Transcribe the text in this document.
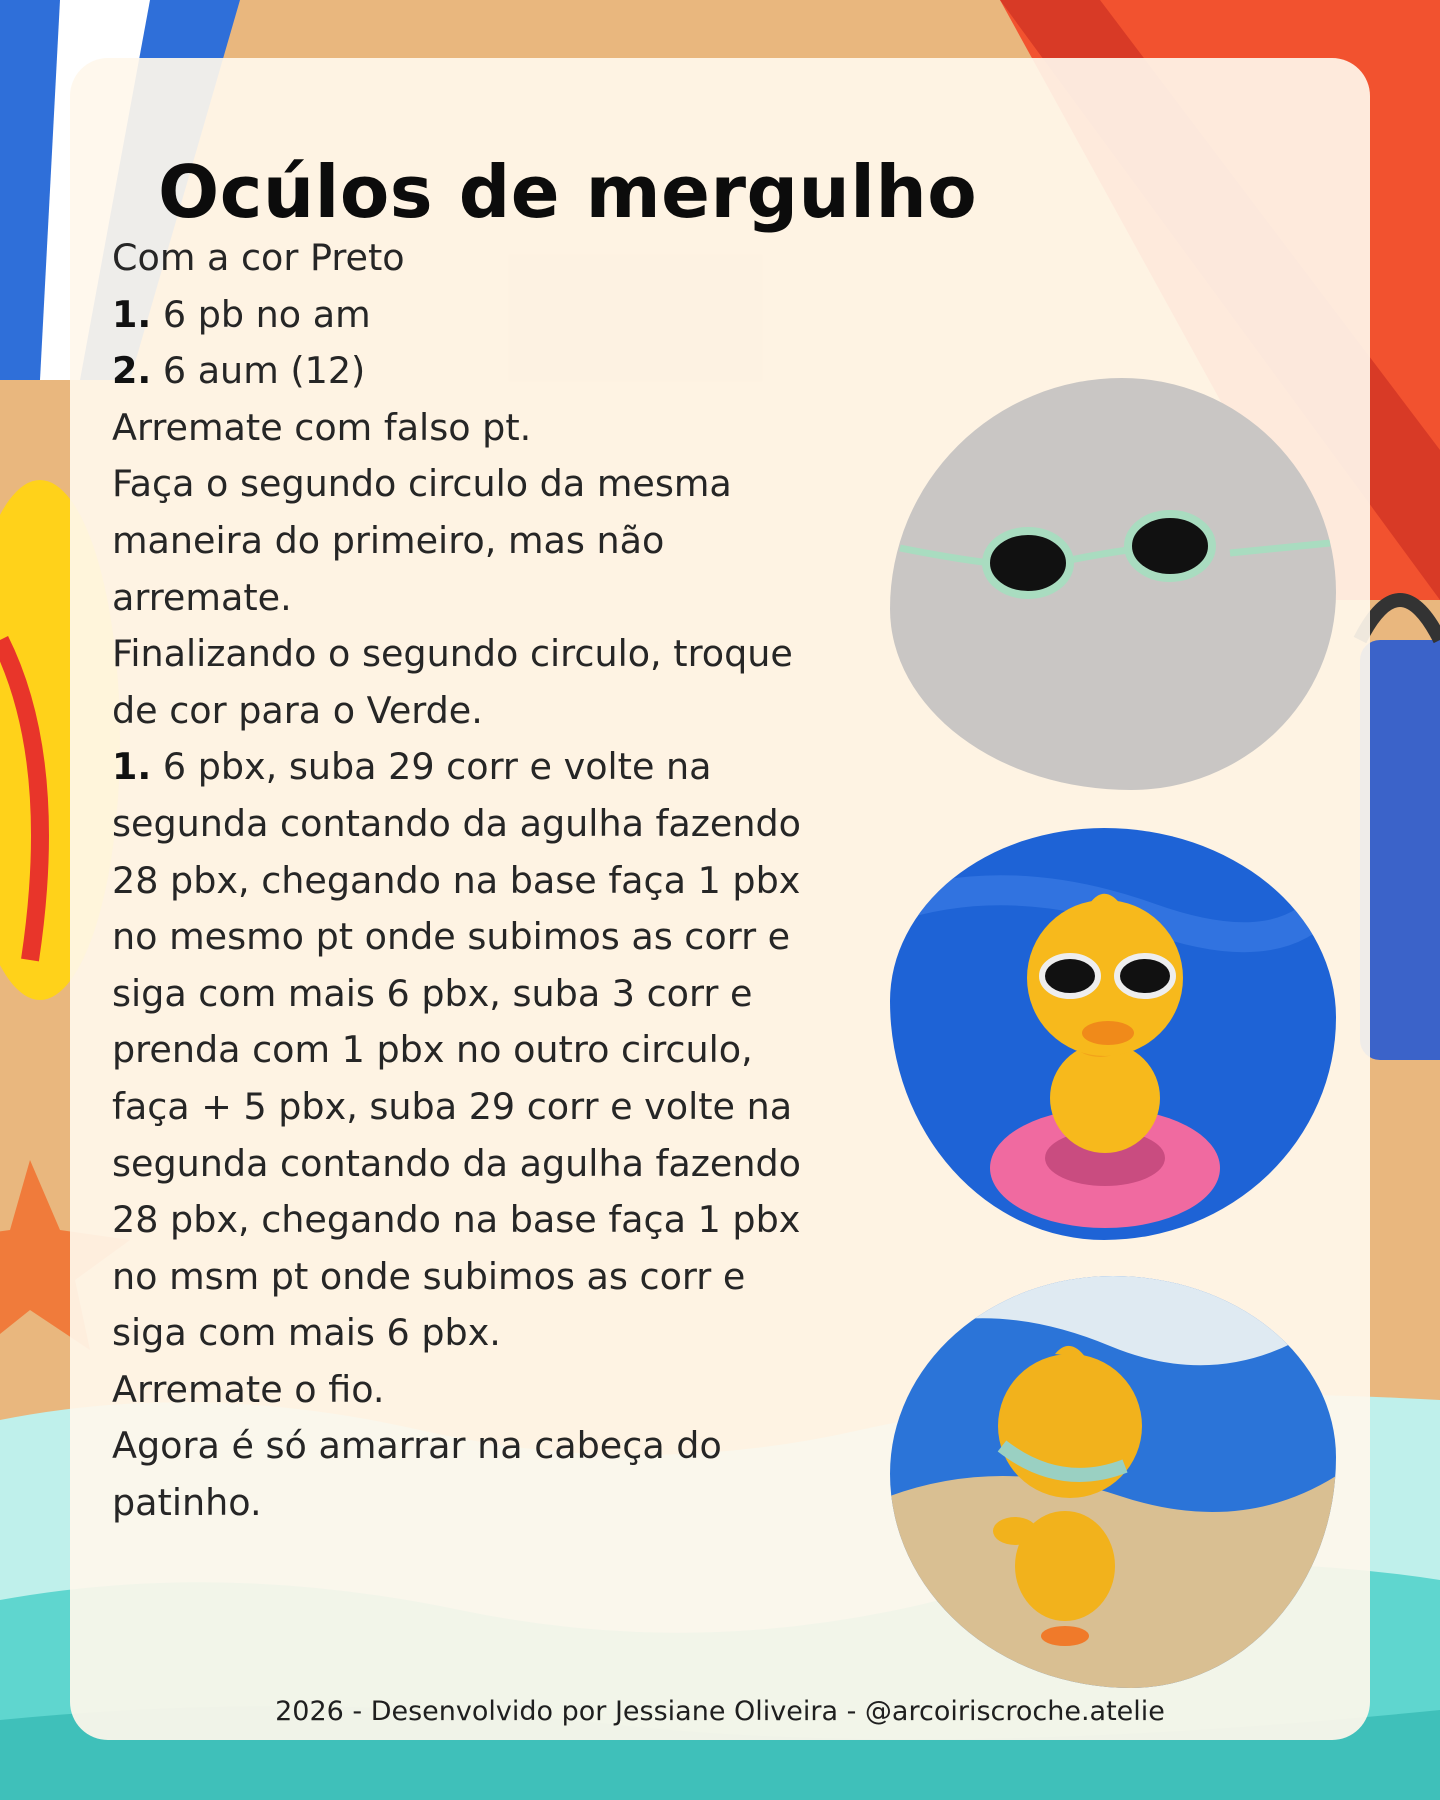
Ocúlos de mergulho

Com a cor Preto

1. 6 pb no am

2. 6 aum (12)

Arremate com falso pt.

Faça o segundo circulo da mesma

maneira do primeiro, mas não

arremate.

Finalizando o segundo circulo, troque

de cor para o Verde.

1. 6 pbx, suba 29 corr e volte na

segunda contando da agulha fazendo

28 pbx, chegando na base faça 1 pbx

no mesmo pt onde subimos as corr e

siga com mais 6 pbx, suba 3 corr e

prenda com 1 pbx no outro circulo,

faça + 5 pbx, suba 29 corr e volte na

segunda contando da agulha fazendo

28 pbx, chegando na base faça 1 pbx

no msm pt onde subimos as corr e

siga com mais 6 pbx.

Arremate o fio.

Agora é só amarrar na cabeça do

patinho.

2026 - Desenvolvido por Jessiane Oliveira - @arcoiriscroche.atelie
